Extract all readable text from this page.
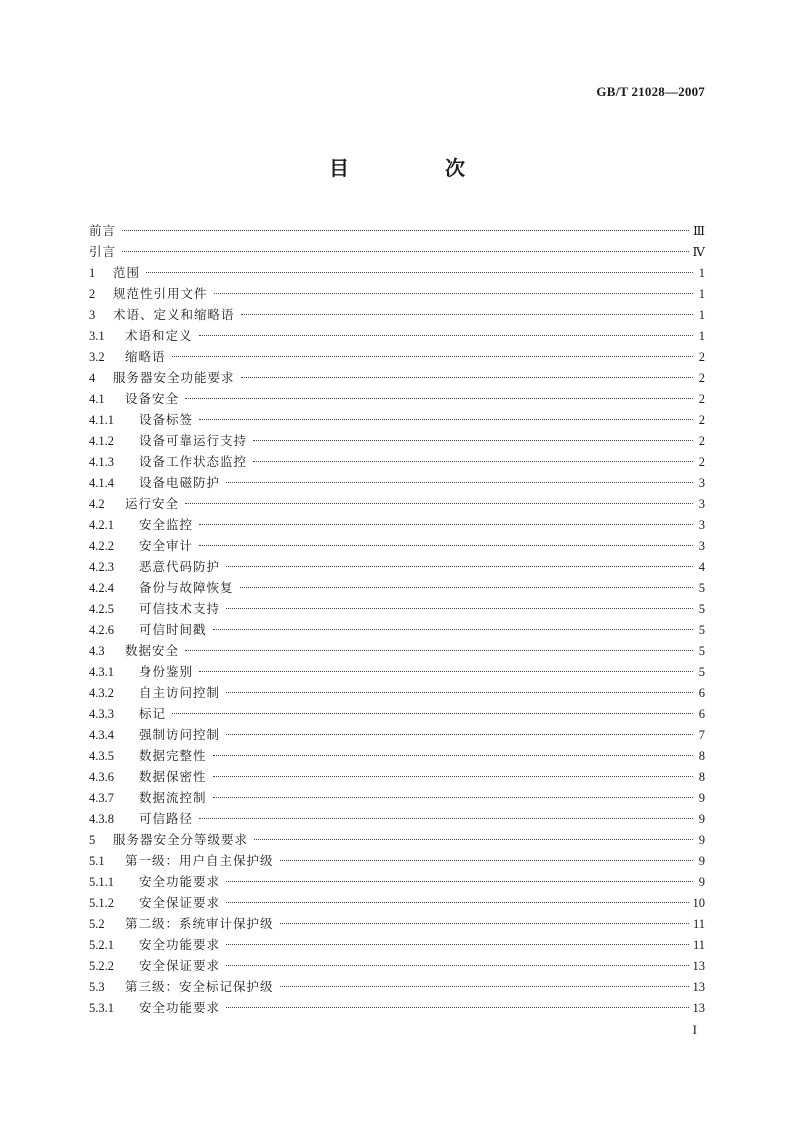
GB/T 21028—2007
目　次
前言	Ⅲ
引言	Ⅳ
1	范围	1
2	规范性引用文件	1
3	术语、定义和缩略语	1
3.1	术语和定义	1
3.2	缩略语	2
4	服务器安全功能要求	2
4.1	设备安全	2
4.1.1	设备标签	2
4.1.2	设备可靠运行支持	2
4.1.3	设备工作状态监控	2
4.1.4	设备电磁防护	3
4.2	运行安全	3
4.2.1	安全监控	3
4.2.2	安全审计	3
4.2.3	恶意代码防护	4
4.2.4	备份与故障恢复	5
4.2.5	可信技术支持	5
4.2.6	可信时间戳	5
4.3	数据安全	5
4.3.1	身份鉴别	5
4.3.2	自主访问控制	6
4.3.3	标记	6
4.3.4	强制访问控制	7
4.3.5	数据完整性	8
4.3.6	数据保密性	8
4.3.7	数据流控制	9
4.3.8	可信路径	9
5	服务器安全分等级要求	9
5.1	第一级：用户自主保护级	9
5.1.1	安全功能要求	9
5.1.2	安全保证要求	10
5.2	第二级：系统审计保护级	11
5.2.1	安全功能要求	11
5.2.2	安全保证要求	13
5.3	第三级：安全标记保护级	13
5.3.1	安全功能要求	13
I
